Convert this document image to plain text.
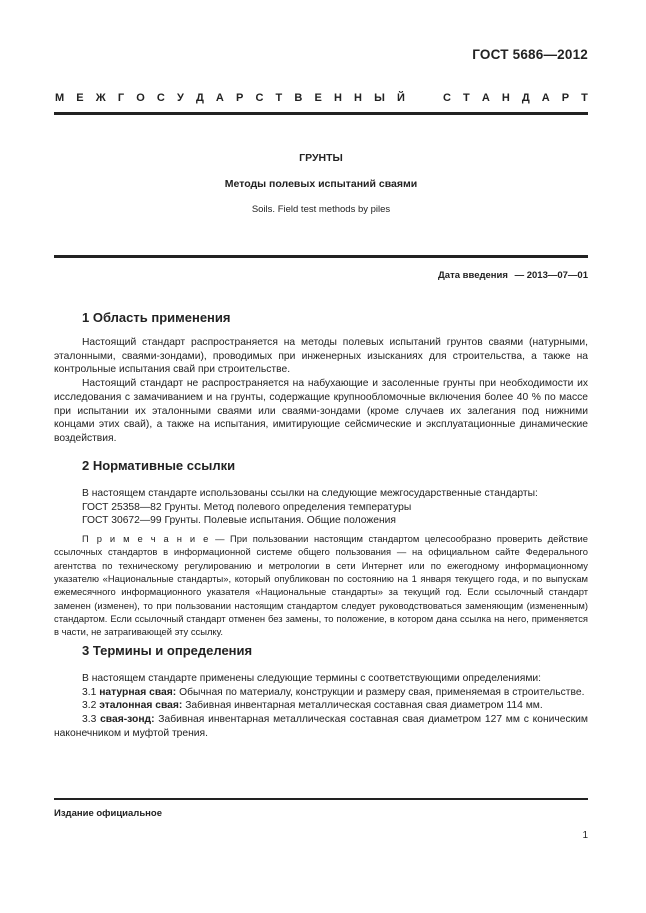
ГОСТ 5686—2012
М Е Ж Г О С У Д А Р С Т В Е Н Н Ы Й	С Т А Н Д А Р Т
ГРУНТЫ
Методы полевых испытаний сваями
Soils. Field test methods by piles
Дата введения — 2013—07—01
1 Область применения

Настоящий стандарт распространяется на методы полевых испытаний грунтов сваями (натурными, эталонными, сваями-зондами), проводимых при инженерных изысканиях для строительства, а также на контрольные испытания свай при строительстве.

Настоящий стандарт не распространяется на набухающие и засоленные грунты при необходимости их исследования с замачиванием и на грунты, содержащие крупнообломочные включения более 40 % по массе при испытании их эталонными сваями или сваями-зондами (кроме случаев их залегания под нижними концами этих свай), а также на испытания, имитирующие сейсмические и эксплуатационные динамические воздействия.

2 Нормативные ссылки

В настоящем стандарте использованы ссылки на следующие межгосударственные стандарты:

ГОСТ 25358—82 Грунты. Метод полевого определения температуры

ГОСТ 30672—99 Грунты. Полевые испытания. Общие положения

П р и м е ч а н и е — При пользовании настоящим стандартом целесообразно проверить действие ссылочных стандартов в информационной системе общего пользования — на официальном сайте Федерального агентства по техническому регулированию и метрологии в сети Интернет или по ежегодному информационному указателю «Национальные стандарты», который опубликован по состоянию на 1 января текущего года, и по выпускам ежемесячного информационного указателя «Национальные стандарты» за текущий год. Если ссылочный стандарт заменен (изменен), то при пользовании настоящим стандартом следует руководствоваться заменяющим (измененным) стандартом. Если ссылочный стандарт отменен без замены, то положение, в котором дана ссылка на него, применяется в части, не затрагивающей эту ссылку.

3 Термины и определения

В настоящем стандарте применены следующие термины с соответствующими определениями:

3.1 натурная свая: Обычная по материалу, конструкции и размеру свая, применяемая в строительстве.

3.2 эталонная свая: Забивная инвентарная металлическая составная свая диаметром 114 мм.

3.3 свая-зонд: Забивная инвентарная металлическая составная свая диаметром 127 мм с коническим наконечником и муфтой трения.

Издание официальное
1
